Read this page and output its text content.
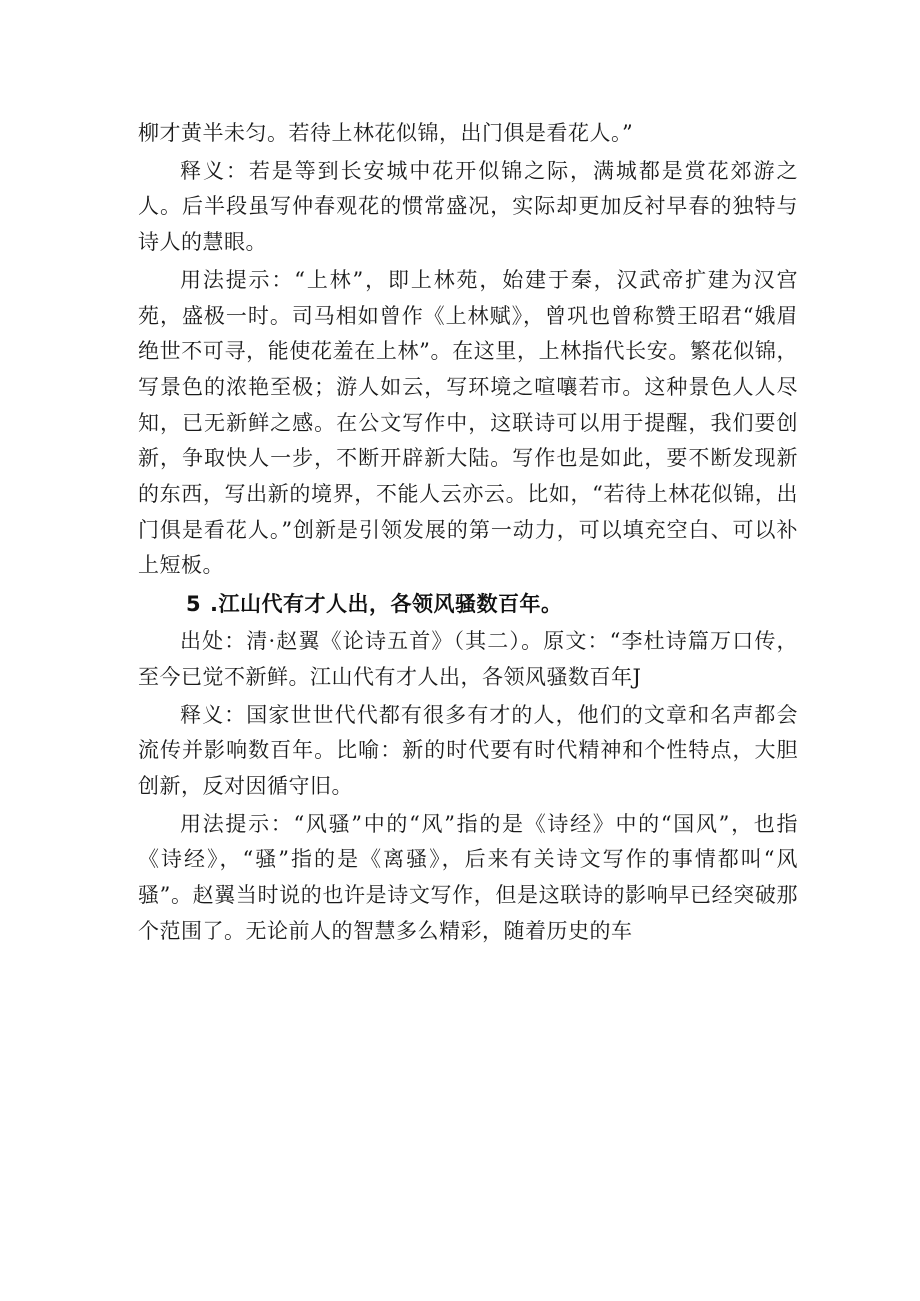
柳才黄半未匀。若待上林花似锦，出门俱是看花人。”

释义：若是等到长安城中花开似锦之际，满城都是赏花郊游之人。后半段虽写仲春观花的惯常盛况，实际却更加反衬早春的独特与诗人的慧眼。

用法提示：“上林”，即上林苑，始建于秦，汉武帝扩建为汉宫苑，盛极一时。司马相如曾作《上林赋》，曾巩也曾称赞王昭君“娥眉绝世不可寻，能使花羞在上林”。在这里，上林指代长安。繁花似锦，写景色的浓艳至极；游人如云，写环境之喧嚷若市。这种景色人人尽知，已无新鲜之感。在公文写作中，这联诗可以用于提醒，我们要创新，争取快人一步，不断开辟新大陆。写作也是如此，要不断发现新的东西，写出新的境界，不能人云亦云。比如，“若待上林花似锦，出门俱是看花人。”创新是引领发展的第一动力，可以填充空白、可以补上短板。

5 .江山代有才人出，各领风骚数百年。

出处：清·赵翼《论诗五首》（其二）。原文：“李杜诗篇万口传，至今已觉不新鲜。江山代有才人出，各领风骚数百年J

释义：国家世世代代都有很多有才的人，他们的文章和名声都会流传并影响数百年。比喻：新的时代要有时代精神和个性特点，大胆创新，反对因循守旧。

用法提示：“风骚”中的“风”指的是《诗经》中的“国风”，也指《诗经》，“骚”指的是《离骚》，后来有关诗文写作的事情都叫“风骚”。赵翼当时说的也许是诗文写作，但是这联诗的影响早已经突破那个范围了。无论前人的智慧多么精彩，随着历史的车
